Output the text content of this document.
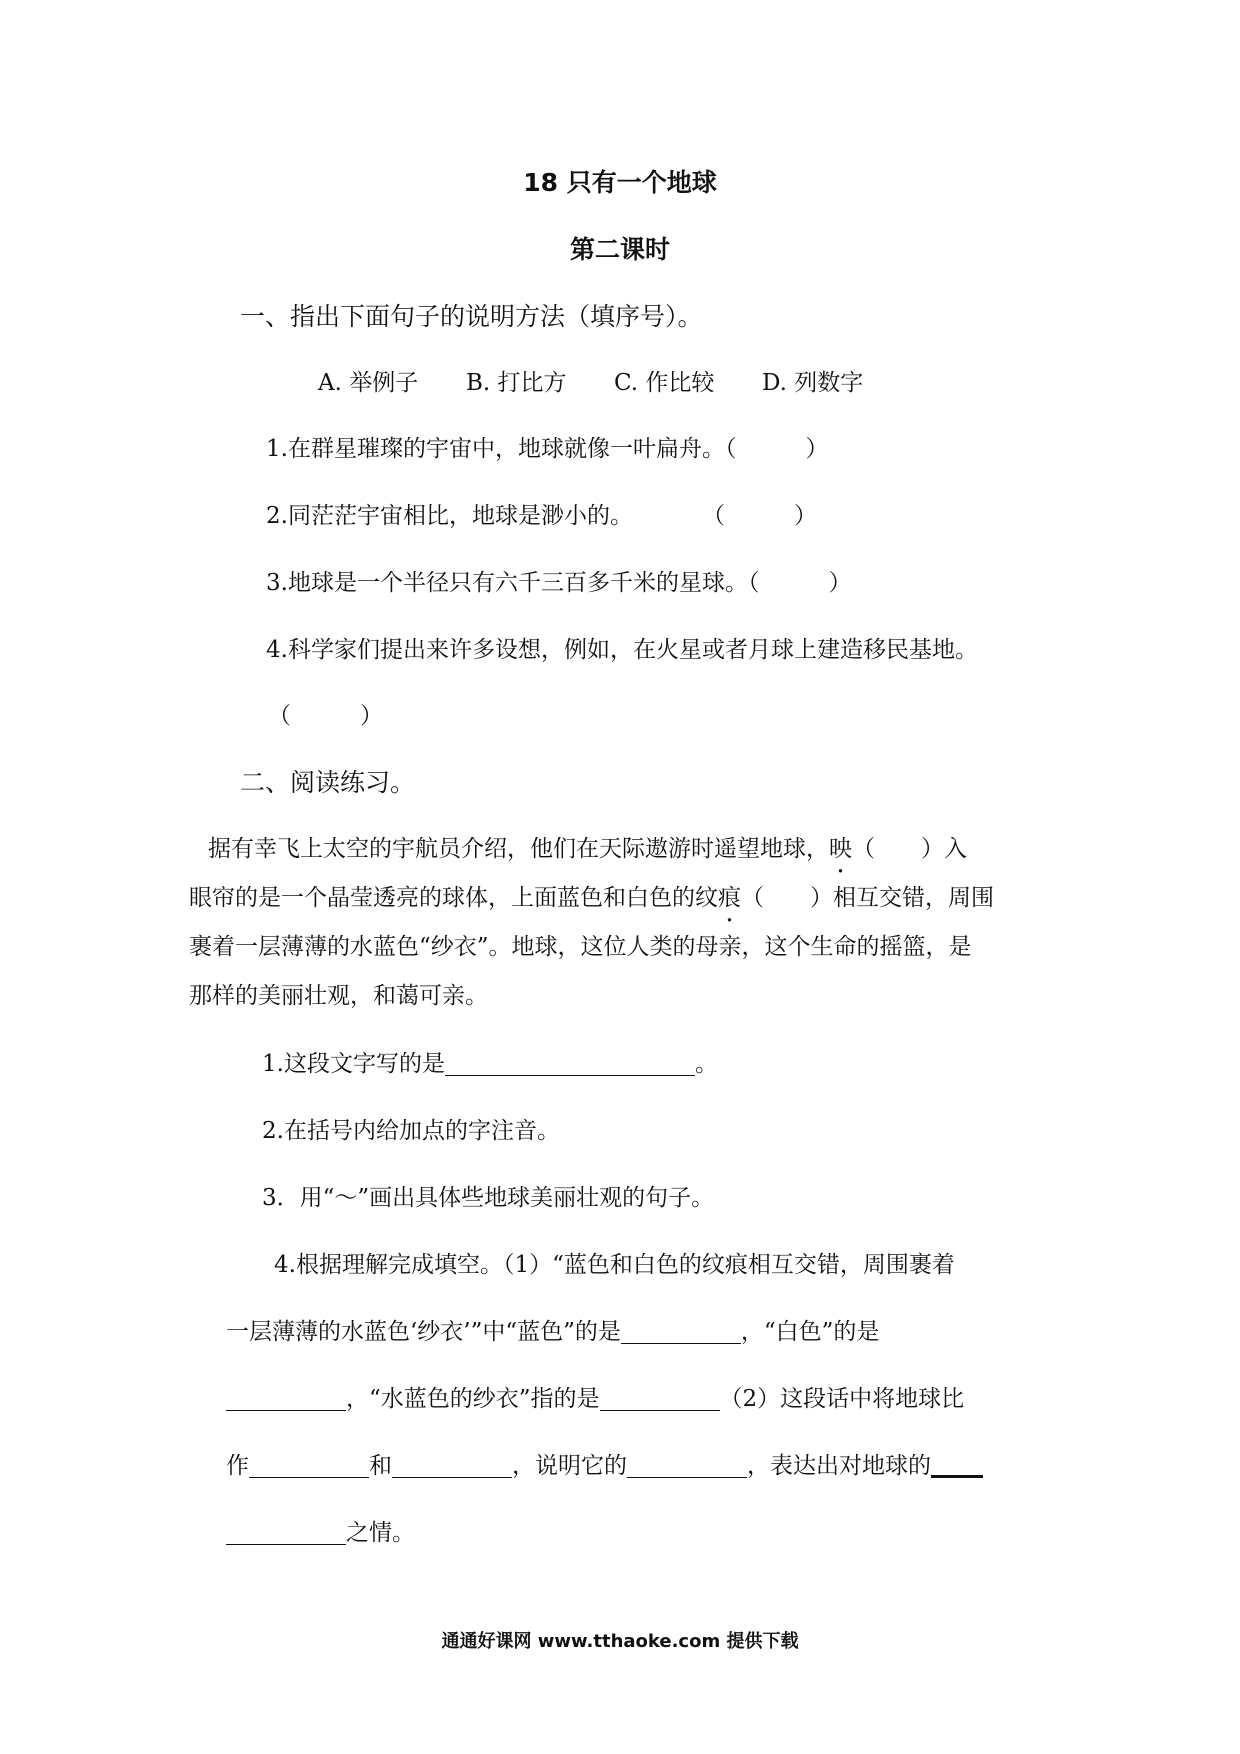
18 只有一个地球
第二课时
一、指出下面句子的说明方法（填序号）。
A. 举例子 B. 打比方 C. 作比较 D. 列数字
1.在群星璀璨的宇宙中，地球就像一叶扁舟。（　　　）
2.同茫茫宇宙相比，地球是渺小的。　　　　（　　　）
3.地球是一个半径只有六千三百多千米的星球。（　　　）
4.科学家们提出来许多设想，例如，在火星或者月球上建造移民基地。
（　　　）
二、阅读练习。
据有幸飞上太空的宇航员介绍，他们在天际遨游时遥望地球，映（　　）入
眼帘的是一个晶莹透亮的球体，上面蓝色和白色的纹痕（　　）相互交错，周围
裹着一层薄薄的水蓝色“纱衣”。地球，这位人类的母亲，这个生命的摇篮，是
那样的美丽壮观，和蔼可亲。
1.这段文字写的是	。
2.在括号内给加点的字注音。
3．用“～”画出具体些地球美丽壮观的句子。
4.根据理解完成填空。（1）“蓝色和白色的纹痕相互交错，周围裹着
一层薄薄的水蓝色‘纱衣’”中“蓝色”的是	，“白色”的是
，“水蓝色的纱衣”指的是	（2）这段话中将地球比
作	和	，说明它的	，表达出对地球的
之情。
通通好课网 www.tthaoke.com 提供下载
